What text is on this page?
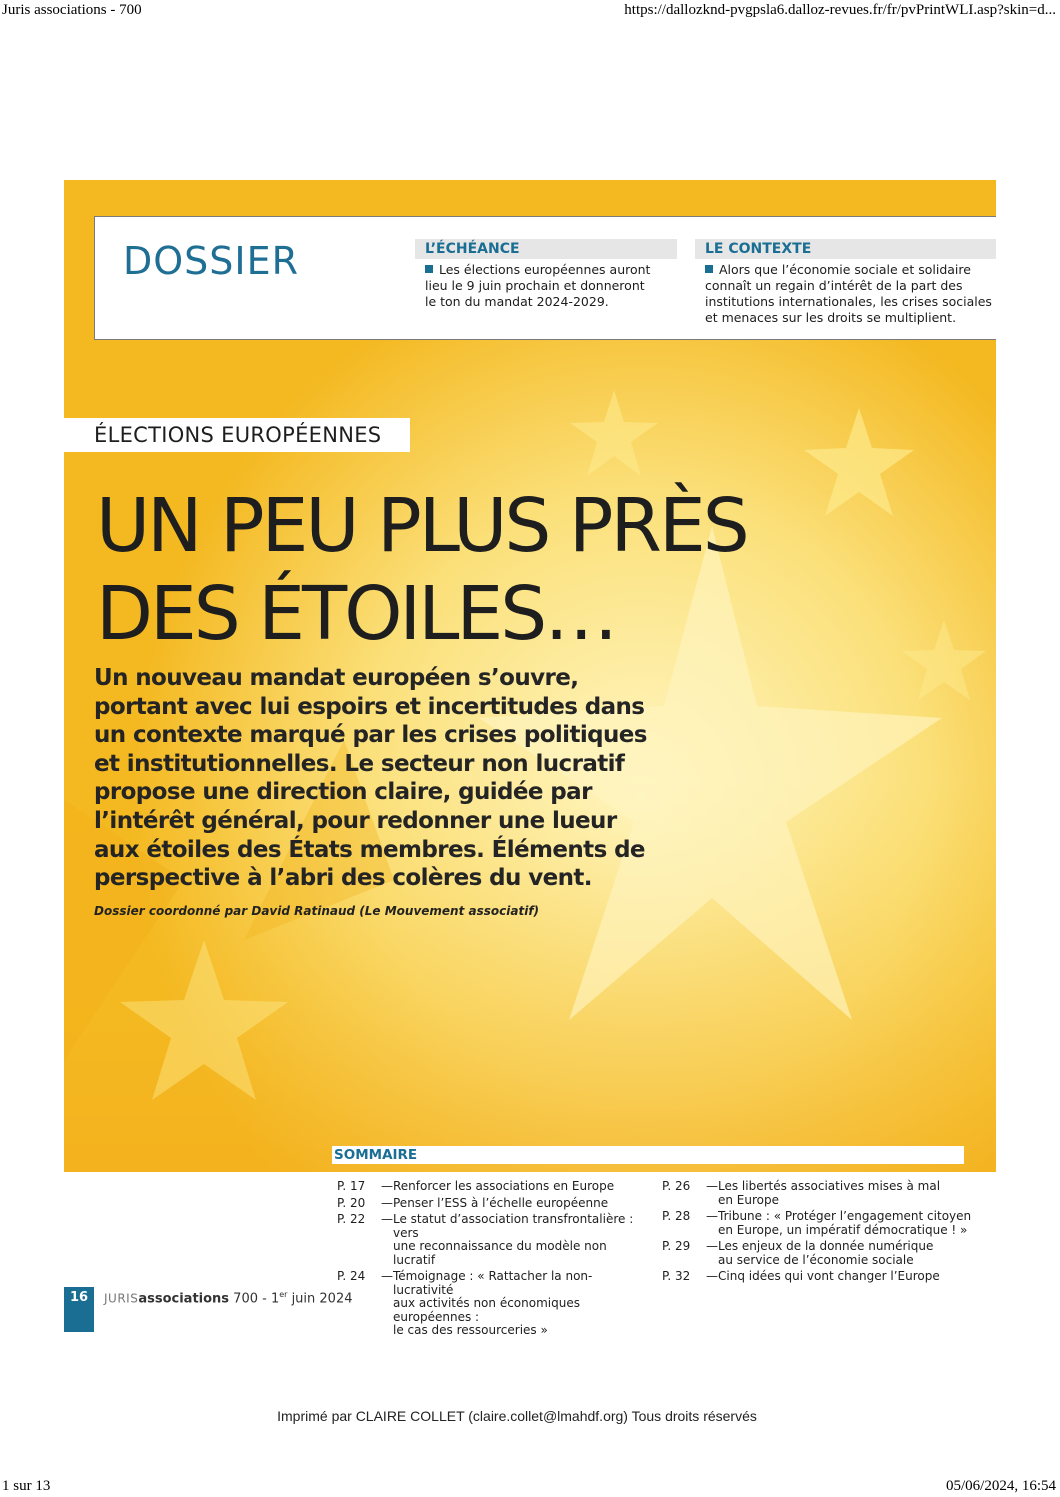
Juris associations - 700	https://dallozknd-pvgpsla6.dalloz-revues.fr/fr/pvPrintWLI.asp?skin=d...
DOSSIER	L’ÉCHÉANCE
Les élections européennes auront
lieu le 9 juin prochain et donneront
le ton du mandat 2024-2029.
LE CONTEXTE
Alors que l’économie sociale et solidaire
connaît un regain d’intérêt de la part des
institutions internationales, les crises sociales
et menaces sur les droits se multiplient.
ÉLECTIONS EUROPÉENNES
UN PEU PLUS PRÈS
DES ÉTOILES…
Un nouveau mandat européen s’ouvre, portant avec lui espoirs et incertitudes dans un contexte marqué par les crises politiques et institutionnelles. Le secteur non lucratif propose une direction claire, guidée par l’intérêt général, pour redonner une lueur aux étoiles des États membres. Éléments de perspective à l’abri des colères du vent.
Dossier coordonné par David Ratinaud (Le Mouvement associatif)
SOMMAIRE
P. 17	— Renforcer les associations en Europe
P. 20	— Penser l’ESS à l’échelle européenne
P. 22	— Le statut d’association transfrontalière : vers
une reconnaissance du modèle non lucratif
P. 24	— Témoignage : « Rattacher la non-lucrativité
aux activités non économiques européennes :
le cas des ressourceries »
P. 26	— Les libertés associatives mises à mal
en Europe
P. 28	— Tribune : « Protéger l’engagement citoyen
en Europe, un impératif démocratique ! »
P. 29	— Les enjeux de la donnée numérique
au service de l’économie sociale
P. 32	— Cinq idées qui vont changer l’Europe
16	JURISassociations 700 - 1er juin 2024
Imprimé par CLAIRE COLLET (claire.collet@lmahdf.org) Tous droits réservés
1 sur 13	05/06/2024, 16:54
